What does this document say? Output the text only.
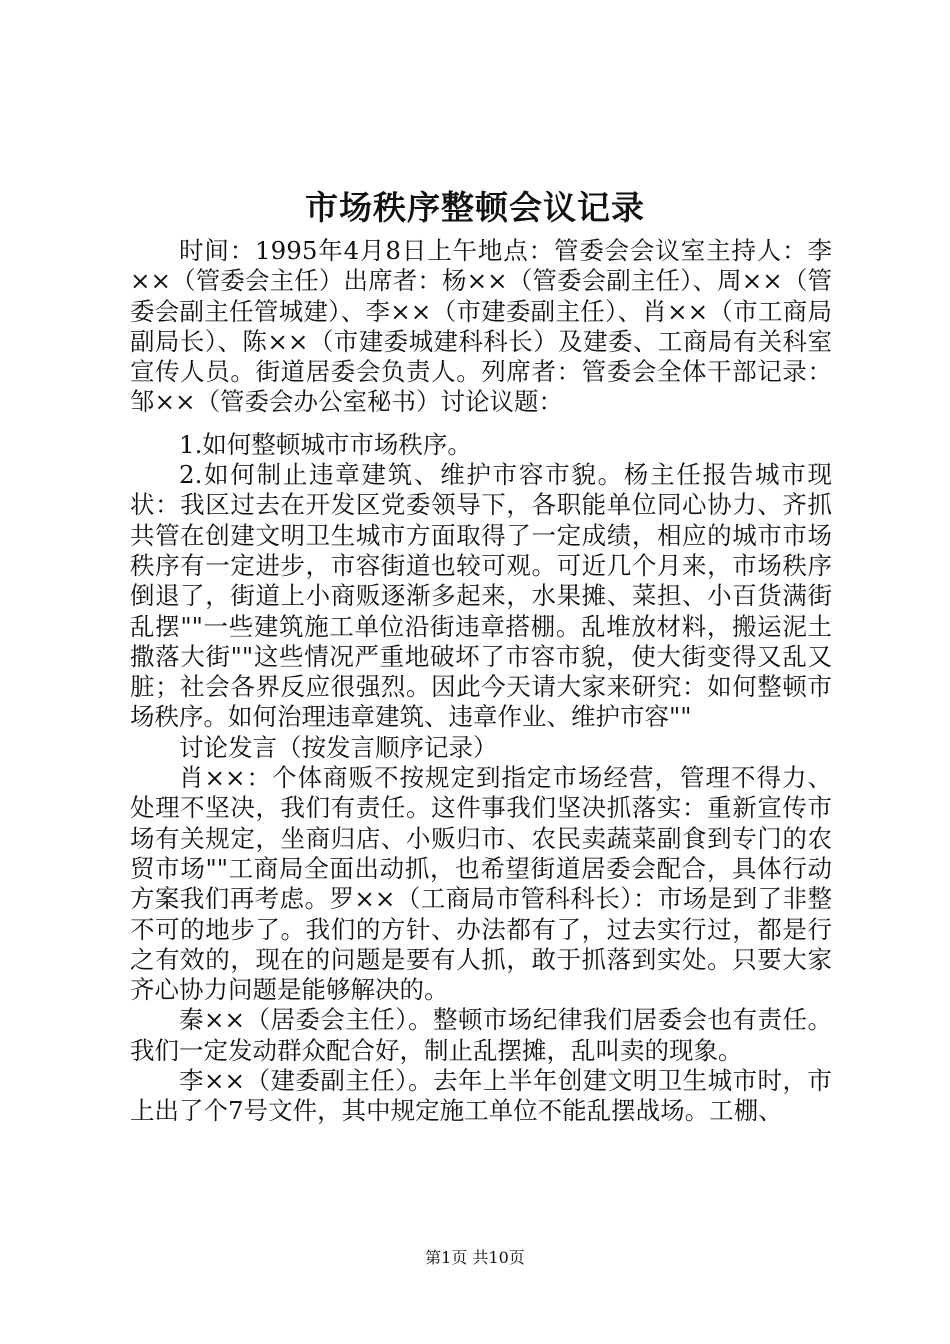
市场秩序整顿会议记录

时间：1995年4月8日上午地点：管委会会议室主持人：李××（管委会主任）出席者：杨××（管委会副主任）、周××（管委会副主任管城建）、李××（市建委副主任）、肖××（市工商局副局长）、陈××（市建委城建科科长）及建委、工商局有关科室宣传人员。街道居委会负责人。列席者：管委会全体干部记录：邹××（管委会办公室秘书）讨论议题：

1.如何整顿城市市场秩序。

2.如何制止违章建筑、维护市容市貌。杨主任报告城市现状：我区过去在开发区党委领导下，各职能单位同心协力、齐抓共管在创建文明卫生城市方面取得了一定成绩，相应的城市市场秩序有一定进步，市容街道也较可观。可近几个月来，市场秩序倒退了，街道上小商贩逐渐多起来，水果摊、菜担、小百货满街乱摆""一些建筑施工单位沿街违章搭棚。乱堆放材料，搬运泥土撒落大街""这些情况严重地破坏了市容市貌，使大街变得又乱又脏；社会各界反应很强烈。因此今天请大家来研究：如何整顿市场秩序。如何治理违章建筑、违章作业、维护市容""

讨论发言（按发言顺序记录）

肖××：个体商贩不按规定到指定市场经营，管理不得力、处理不坚决，我们有责任。这件事我们坚决抓落实：重新宣传市场有关规定，坐商归店、小贩归市、农民卖蔬菜副食到专门的农贸市场""工商局全面出动抓，也希望街道居委会配合，具体行动方案我们再考虑。罗××（工商局市管科科长）：市场是到了非整不可的地步了。我们的方针、办法都有了，过去实行过，都是行之有效的，现在的问题是要有人抓，敢于抓落到实处。只要大家齐心协力问题是能够解决的。

秦××（居委会主任）。整顿市场纪律我们居委会也有责任。我们一定发动群众配合好，制止乱摆摊，乱叫卖的现象。

李××（建委副主任）。去年上半年创建文明卫生城市时，市上出了个7号文件，其中规定施工单位不能乱摆战场。工棚、

第1页 共10页
